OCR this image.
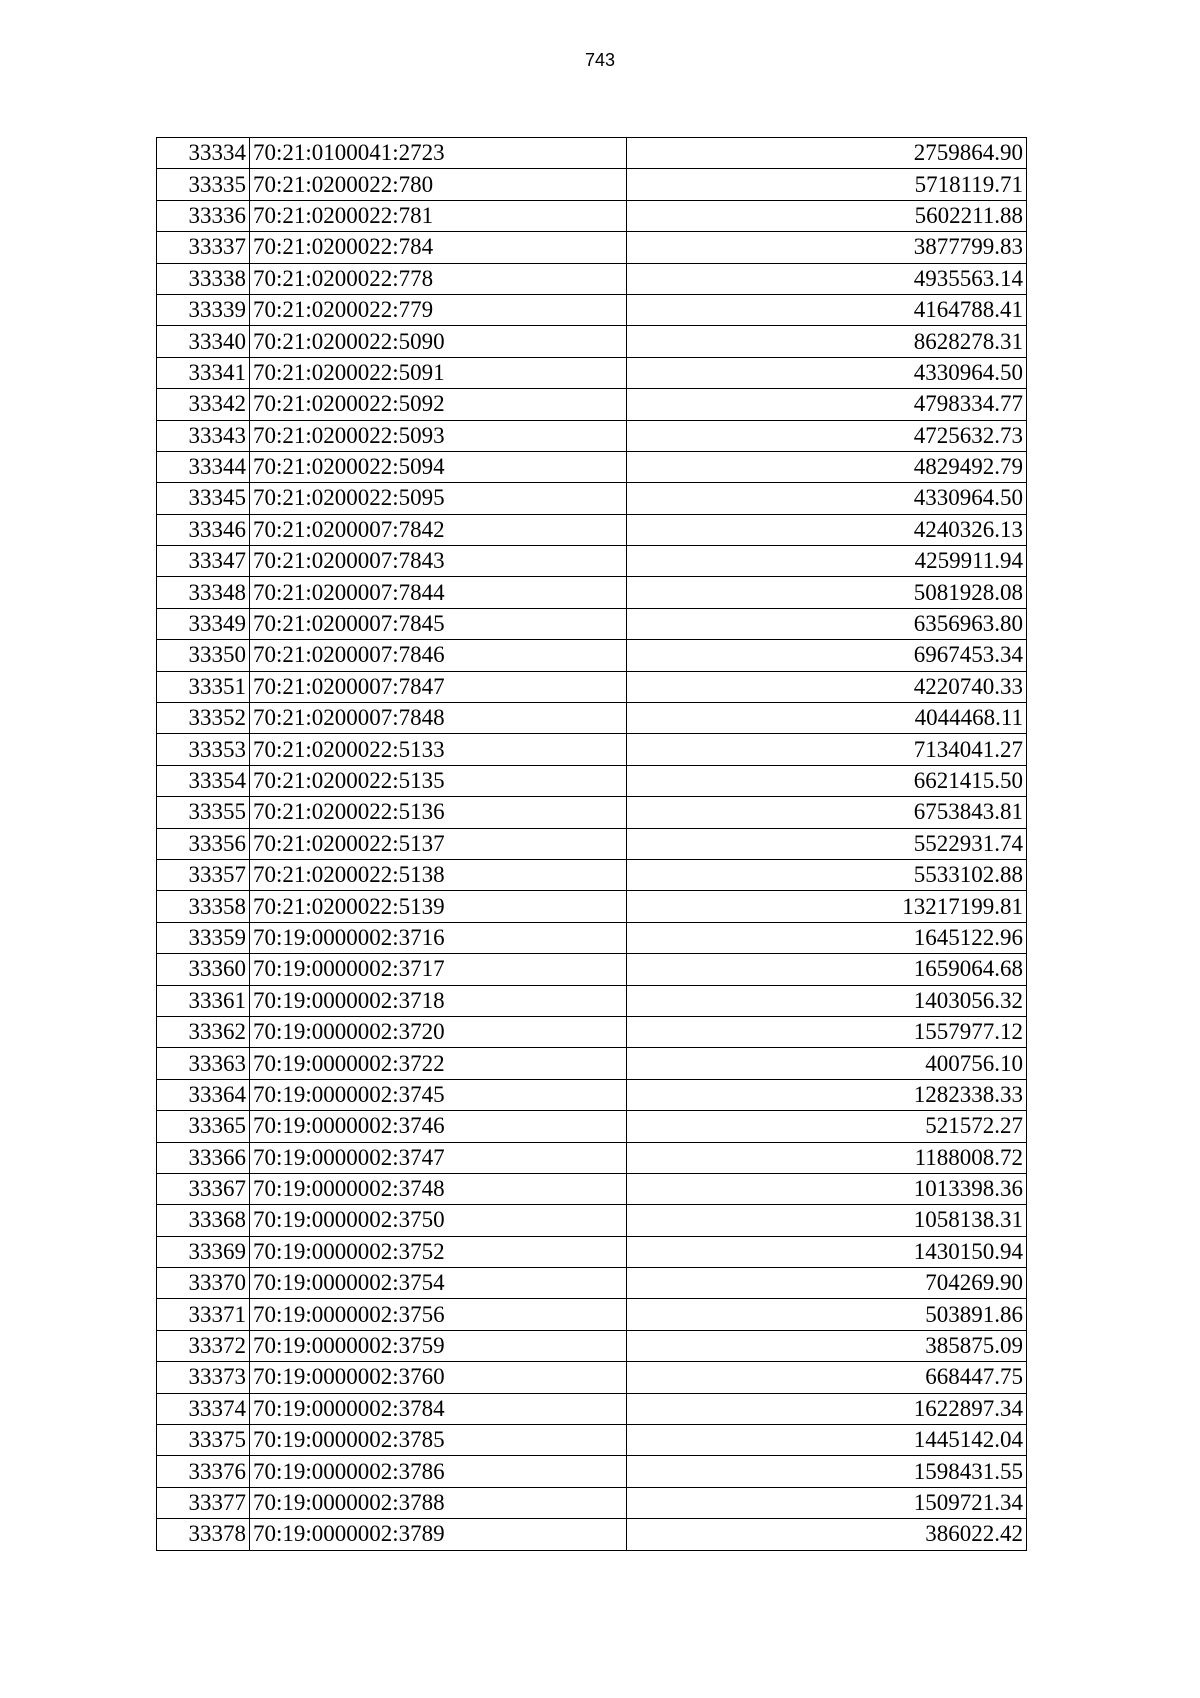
743
33334	70:21:0100041:2723	2759864.90
33335	70:21:0200022:780	5718119.71
33336	70:21:0200022:781	5602211.88
33337	70:21:0200022:784	3877799.83
33338	70:21:0200022:778	4935563.14
33339	70:21:0200022:779	4164788.41
33340	70:21:0200022:5090	8628278.31
33341	70:21:0200022:5091	4330964.50
33342	70:21:0200022:5092	4798334.77
33343	70:21:0200022:5093	4725632.73
33344	70:21:0200022:5094	4829492.79
33345	70:21:0200022:5095	4330964.50
33346	70:21:0200007:7842	4240326.13
33347	70:21:0200007:7843	4259911.94
33348	70:21:0200007:7844	5081928.08
33349	70:21:0200007:7845	6356963.80
33350	70:21:0200007:7846	6967453.34
33351	70:21:0200007:7847	4220740.33
33352	70:21:0200007:7848	4044468.11
33353	70:21:0200022:5133	7134041.27
33354	70:21:0200022:5135	6621415.50
33355	70:21:0200022:5136	6753843.81
33356	70:21:0200022:5137	5522931.74
33357	70:21:0200022:5138	5533102.88
33358	70:21:0200022:5139	13217199.81
33359	70:19:0000002:3716	1645122.96
33360	70:19:0000002:3717	1659064.68
33361	70:19:0000002:3718	1403056.32
33362	70:19:0000002:3720	1557977.12
33363	70:19:0000002:3722	400756.10
33364	70:19:0000002:3745	1282338.33
33365	70:19:0000002:3746	521572.27
33366	70:19:0000002:3747	1188008.72
33367	70:19:0000002:3748	1013398.36
33368	70:19:0000002:3750	1058138.31
33369	70:19:0000002:3752	1430150.94
33370	70:19:0000002:3754	704269.90
33371	70:19:0000002:3756	503891.86
33372	70:19:0000002:3759	385875.09
33373	70:19:0000002:3760	668447.75
33374	70:19:0000002:3784	1622897.34
33375	70:19:0000002:3785	1445142.04
33376	70:19:0000002:3786	1598431.55
33377	70:19:0000002:3788	1509721.34
33378	70:19:0000002:3789	386022.42
